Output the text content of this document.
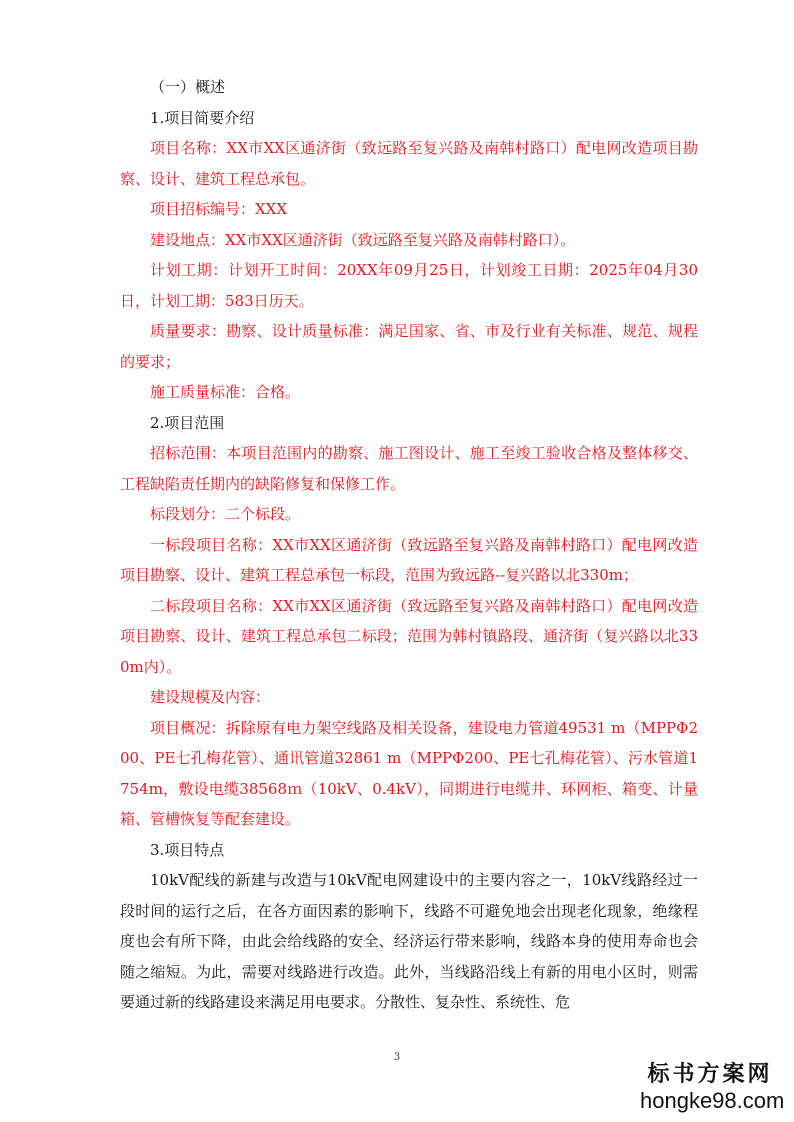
（一）概述

1.项目简要介绍

项目名称：XX市XX区通济街（致远路至复兴路及南韩村路口）配电网改造项目勘察、设计、建筑工程总承包。

项目招标编号：XXX

建设地点：XX市XX区通济街（致远路至复兴路及南韩村路口）。

计划工期：计划开工时间：20XX年09月25日，计划竣工日期：2025年04月30日，计划工期：583日历天。

质量要求：勘察、设计质量标准：满足国家、省、市及行业有关标准、规范、规程的要求；

施工质量标准：合格。

2.项目范围

招标范围：本项目范围内的勘察、施工图设计、施工至竣工验收合格及整体移交、工程缺陷责任期内的缺陷修复和保修工作。

标段划分：二个标段。

一标段项目名称：XX市XX区通济街（致远路至复兴路及南韩村路口）配电网改造项目勘察、设计、建筑工程总承包一标段，范围为致远路--复兴路以北330m；

二标段项目名称：XX市XX区通济街（致远路至复兴路及南韩村路口）配电网改造项目勘察、设计、建筑工程总承包二标段；范围为韩村镇路段、通济街（复兴路以北330m内）。

建设规模及内容：

项目概况：拆除原有电力架空线路及相关设备，建设电力管道49531 m（MPPΦ200、PE七孔梅花管）、通讯管道32861 m（MPPΦ200、PE七孔梅花管）、污水管道1754m，敷设电缆38568ｍ（10kV、0.4kV），同期进行电缆井、环网柜、箱变、计量箱、管槽恢复等配套建设。

3.项目特点

10kV配线的新建与改造与10kV配电网建设中的主要内容之一，10kV线路经过一段时间的运行之后，在各方面因素的影响下，线路不可避免地会出现老化现象，绝缘程度也会有所下降，由此会给线路的安全、经济运行带来影响，线路本身的使用寿命也会随之缩短。为此，需要对线路进行改造。此外，当线路沿线上有新的用电小区时，则需要通过新的线路建设来满足用电要求。分散性、复杂性、系统性、危

3
标书方案网
hongke98.com
